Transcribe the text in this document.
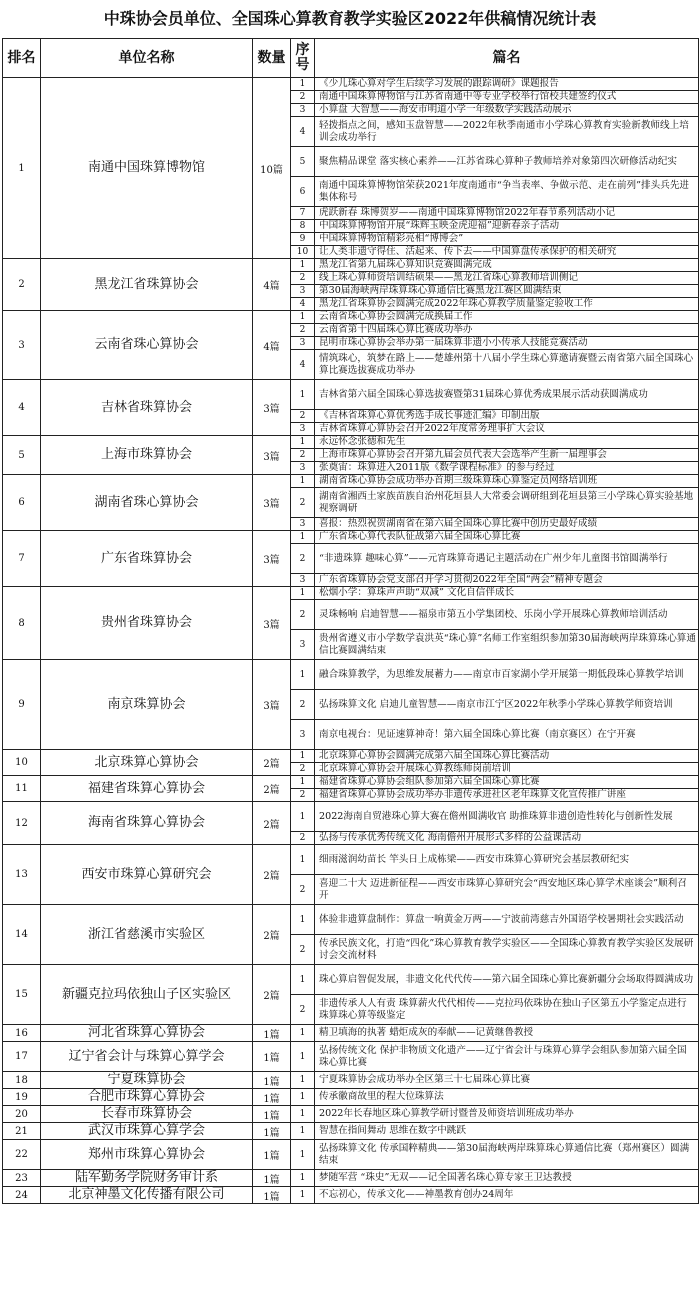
中珠协会员单位、全国珠心算教育教学实验区2022年供稿情况统计表
排名	单位名称	数量	序号	篇名
1	南通中国珠算博物馆	10篇	1	《少儿珠心算对学生后续学习发展的跟踪调研》课题报告
			2	南通中国珠算博物馆与江苏省南通中等专业学校举行馆校共建签约仪式
			3	小算盘 大智慧——海安市明道小学一年级数学实践活动展示
			4	轻拨指点之间，感知玉盘智慧——2022年秋季南通市小学珠心算教育实验新教师线上培训会成功举行
			5	聚焦精品课堂 落实核心素养——江苏省珠心算种子教师培养对象第四次研修活动纪实
			6	南通中国珠算博物馆荣获2021年度南通市“争当表率、争做示范、走在前列”排头兵先进集体称号
			7	虎跃新春 珠博贺岁——南通中国珠算博物馆2022年春节系列活动小记
			8	中国珠算博物馆开展“珠辉玉映金虎迎福”迎新春亲子活动
			9	中国珠算博物馆精彩亮相“博博会”
			10	让人类非遗守得住、活起来、传下去——中国算盘传承保护的相关研究
2	黑龙江省珠算协会	4篇	1	黑龙江省第九届珠心算知识竞赛圆满完成
			2	线上珠心算师资培训结硕果——黑龙江省珠心算教师培训侧记
			3	第30届海峡两岸珠算珠心算通信比赛黑龙江赛区圆满结束
			4	黑龙江省珠算协会圆满完成2022年珠心算教学质量鉴定验收工作
3	云南省珠心算协会	4篇	1	云南省珠心算协会圆满完成换届工作
			2	云南省第十四届珠心算比赛成功举办
			3	昆明市珠心算协会举办第一届珠算非遗小小传承人技能竞赛活动
			4	情筑珠心，筑梦在路上——楚雄州第十八届小学生珠心算邀请赛暨云南省第六届全国珠心算比赛选拔赛成功举办
4	吉林省珠算协会	3篇	1	吉林省第六届全国珠心算选拔赛暨第31届珠心算优秀成果展示活动获圆满成功
			2	《吉林省珠算心算优秀选手成长事迹汇编》印制出版
			3	吉林省珠算心算协会召开2022年度常务理事扩大会议
5	上海市珠算协会	3篇	1	永远怀念张德和先生
			2	上海市珠算心算协会召开第九届会员代表大会选举产生新一届理事会
			3	张奠宙：珠算进入2011版《数学课程标准》的参与经过
6	湖南省珠心算协会	3篇	1	湖南省珠心算协会成功举办首期三级珠算珠心算鉴定员网络培训班
			2	湖南省湘西土家族苗族自治州花垣县人大常委会调研组到花垣县第三小学珠心算实验基地视察调研
			3	喜报：热烈祝贺湖南省在第六届全国珠心算比赛中创历史最好成绩
7	广东省珠算协会	3篇	1	广东省珠心算代表队征战第六届全国珠心算比赛
			2	“非遗珠算 趣味心算”——元宵珠算奇遇记主题活动在广州少年儿童图书馆圆满举行
			3	广东省珠算协会党支部召开学习贯彻2022年全国“两会”精神专题会
8	贵州省珠算协会	3篇	1	松烟小学：算珠声声助“双减” 文化自信伴成长
			2	灵珠畅响 启迪智慧——福泉市第五小学集团校、乐岗小学开展珠心算教师培训活动
			3	贵州省遵义市小学数学袁洪英“珠心算”名师工作室组织参加第30届海峡两岸珠算珠心算通信比赛圆满结束
9	南京珠算协会	3篇	1	融合珠算教学，为思维发展蓄力——南京市百家湖小学开展第一期低段珠心算教学培训
			2	弘扬珠算文化 启迪儿童智慧——南京市江宁区2022年秋季小学珠心算教学师资培训
			3	南京电视台：见证速算神奇！第六届全国珠心算比赛（南京赛区）在宁开赛
10	北京珠算心算协会	2篇	1	北京珠算心算协会圆满完成第六届全国珠心算比赛活动
			2	北京珠算心算协会开展珠心算教练师岗前培训
11	福建省珠算心算协会	2篇	1	福建省珠算心算协会组队参加第六届全国珠心算比赛
			2	福建省珠算心算协会成功举办非遗传承进社区老年珠算文化宣传推广讲座
12	海南省珠算心算协会	2篇	1	2022海南自贸港珠心算大赛在儋州圆满收官 助推珠算非遗创造性转化与创新性发展
			2	弘扬与传承优秀传统文化 海南儋州开展形式多样的公益课活动
13	西安市珠算心算研究会	2篇	1	细雨滋润幼苗长 竿头日上成栋梁——西安市珠算心算研究会基层教研纪实
			2	喜迎二十大 迈进新征程——西安市珠算心算研究会“西安地区珠心算学术座谈会”顺利召开
14	浙江省慈溪市实验区	2篇	1	体验非遗算盘制作：算盘一响黄金万两——宁波前湾慈吉外国语学校暑期社会实践活动
			2	传承民族文化，打造“四化”珠心算教育教学实验区——全国珠心算教育教学实验区发展研讨会交流材料
15	新疆克拉玛依独山子区实验区	2篇	1	珠心算启智促发展，非遗文化代代传——第六届全国珠心算比赛新疆分会场取得圆满成功
			2	非遗传承人人有责 珠算薪火代代相传——克拉玛依珠协在独山子区第五小学鉴定点进行珠算珠心算等级鉴定
16	河北省珠算心算协会	1篇	1	精卫填海的执著 蜡炬成灰的奉献——记黄继鲁教授
17	辽宁省会计与珠算心算学会	1篇	1	弘扬传统文化 保护非物质文化遗产——辽宁省会计与珠算心算学会组队参加第六届全国珠心算比赛
18	宁夏珠算协会	1篇	1	宁夏珠算协会成功举办全区第三十七届珠心算比赛
19	合肥市珠算心算协会	1篇	1	传承徽商故里的程大位珠算法
20	长春市珠算协会	1篇	1	2022年长春地区珠心算教学研讨暨普及师资培训班成功举办
21	武汉市珠算心算学会	1篇	1	智慧在指间舞动 思维在数字中跳跃
22	郑州市珠算心算协会	1篇	1	弘扬珠算文化 传承国粹精典——第30届海峡两岸珠算珠心算通信比赛（郑州赛区）圆满结束
23	陆军勤务学院财务审计系	1篇	1	梦随军营 “珠史”无双——记全国著名珠心算专家王卫达教授
24	北京神墨文化传播有限公司	1篇	1	不忘初心，传承文化——神墨教育创办24周年
